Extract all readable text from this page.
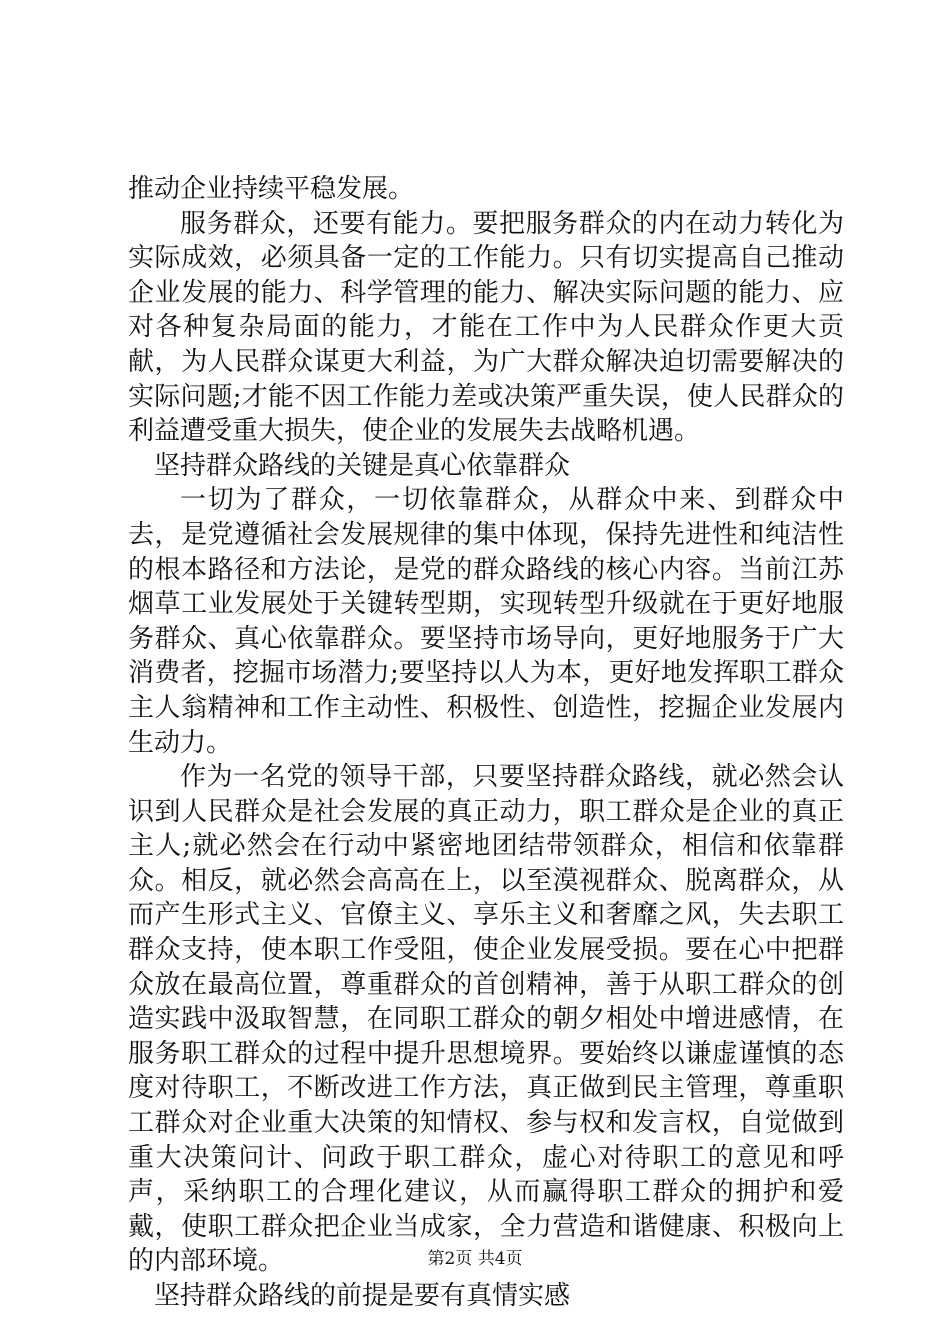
推动企业持续平稳发展。

服务群众，还要有能力。要把服务群众的内在动力转化为实际成效，必须具备一定的工作能力。只有切实提高自己推动企业发展的能力、科学管理的能力、解决实际问题的能力、应对各种复杂局面的能力，才能在工作中为人民群众作更大贡献，为人民群众谋更大利益，为广大群众解决迫切需要解决的实际问题;才能不因工作能力差或决策严重失误，使人民群众的利益遭受重大损失，使企业的发展失去战略机遇。

坚持群众路线的关键是真心依靠群众

一切为了群众，一切依靠群众，从群众中来、到群众中去，是党遵循社会发展规律的集中体现，保持先进性和纯洁性的根本路径和方法论，是党的群众路线的核心内容。当前江苏烟草工业发展处于关键转型期，实现转型升级就在于更好地服务群众、真心依靠群众。要坚持市场导向，更好地服务于广大消费者，挖掘市场潜力;要坚持以人为本，更好地发挥职工群众主人翁精神和工作主动性、积极性、创造性，挖掘企业发展内生动力。

作为一名党的领导干部，只要坚持群众路线，就必然会认识到人民群众是社会发展的真正动力，职工群众是企业的真正主人;就必然会在行动中紧密地团结带领群众，相信和依靠群众。相反，就必然会高高在上，以至漠视群众、脱离群众，从而产生形式主义、官僚主义、享乐主义和奢靡之风，失去职工群众支持，使本职工作受阻，使企业发展受损。要在心中把群众放在最高位置，尊重群众的首创精神，善于从职工群众的创造实践中汲取智慧，在同职工群众的朝夕相处中增进感情，在服务职工群众的过程中提升思想境界。要始终以谦虚谨慎的态度对待职工，不断改进工作方法，真正做到民主管理，尊重职工群众对企业重大决策的知情权、参与权和发言权，自觉做到重大决策问计、问政于职工群众，虚心对待职工的意见和呼声，采纳职工的合理化建议，从而赢得职工群众的拥护和爱戴，使职工群众把企业当成家，全力营造和谐健康、积极向上的内部环境。

坚持群众路线的前提是要有真情实感
第2页 共4页
